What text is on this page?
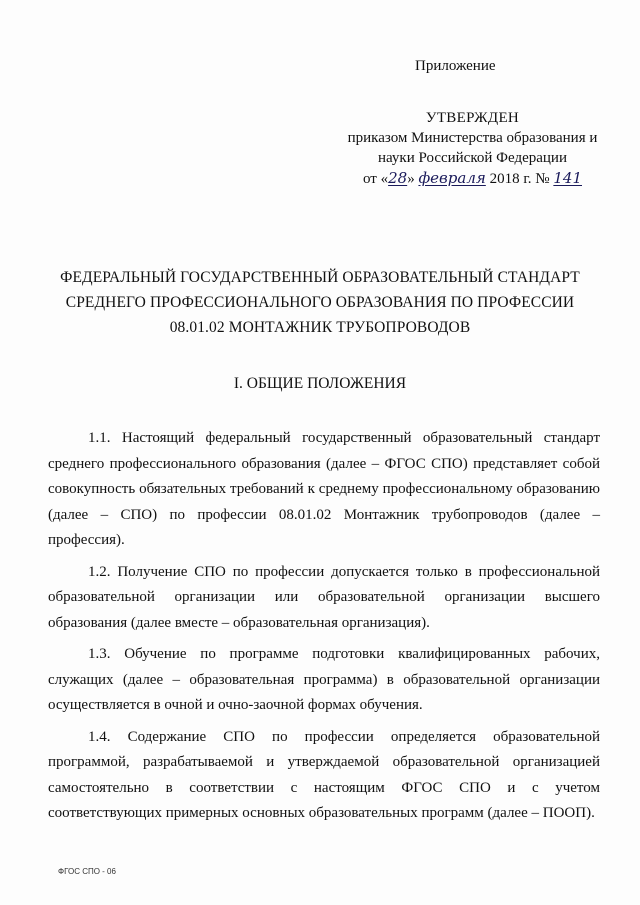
Приложение
УТВЕРЖДЕН
приказом Министерства образования и
науки Российской Федерации
от «28» февраля 2018 г. № 141
ФЕДЕРАЛЬНЫЙ ГОСУДАРСТВЕННЫЙ ОБРАЗОВАТЕЛЬНЫЙ СТАНДАРТ
СРЕДНЕГО ПРОФЕССИОНАЛЬНОГО ОБРАЗОВАНИЯ ПО ПРОФЕССИИ
08.01.02 МОНТАЖНИК ТРУБОПРОВОДОВ
I. ОБЩИЕ ПОЛОЖЕНИЯ

1.1. Настоящий федеральный государственный образовательный стандарт среднего профессионального образования (далее – ФГОС СПО) представляет собой совокупность обязательных требований к среднему профессиональному образованию (далее – СПО) по профессии 08.01.02 Монтажник трубопроводов (далее – профессия).

1.2. Получение СПО по профессии допускается только в профессиональной образовательной организации или образовательной организации высшего образования (далее вместе – образовательная организация).

1.3. Обучение по программе подготовки квалифицированных рабочих, служащих (далее – образовательная программа) в образовательной организации осуществляется в очной и очно-заочной формах обучения.

1.4. Содержание СПО по профессии определяется образовательной программой, разрабатываемой и утверждаемой образовательной организацией самостоятельно в соответствии с настоящим ФГОС СПО и с учетом соответствующих примерных основных образовательных программ (далее – ПООП).

ФГОС СПО - 06
